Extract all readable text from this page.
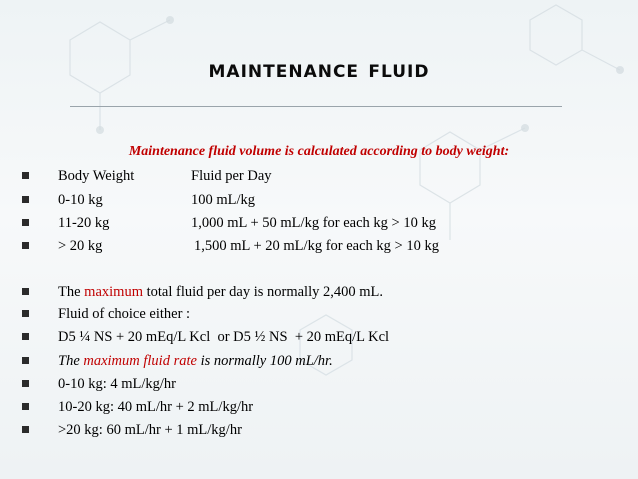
maintenance fluid
Maintenance fluid volume is calculated according to body weight:
Body Weight	Fluid per Day
0-10 kg	100 mL/kg
11-20 kg	1,000 mL + 50 mL/kg for each kg > 10 kg
> 20 kg	1,500 mL + 20 mL/kg for each kg > 10 kg
The maximum total fluid per day is normally 2,400 mL.
Fluid of choice either :
D5 ¼ NS + 20 mEq/L Kcl  or D5 ½ NS  + 20 mEq/L Kcl
The maximum fluid rate is normally 100 mL/hr.
0-10 kg: 4 mL/kg/hr
10-20 kg: 40 mL/hr + 2 mL/kg/hr
>20 kg: 60 mL/hr + 1 mL/kg/hr
